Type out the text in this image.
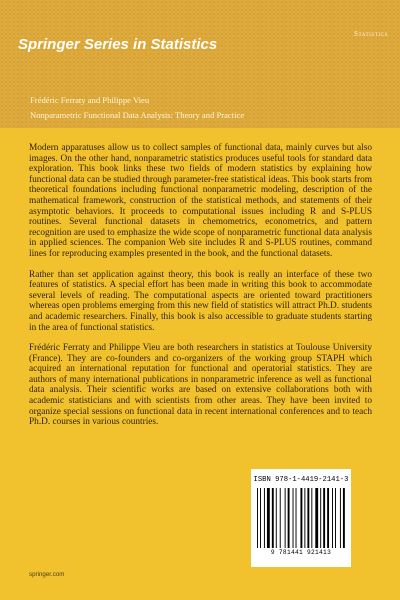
Springer Series in Statistics
Statistics
Frédéric Ferraty and Philippe Vieu
Nonparametric Functional Data Analysis: Theory and Practice

Modern apparatuses allow us to collect samples of functional data, mainly curves but also images. On the other hand, nonparametric statistics produces useful tools for standard data exploration. This book links these two fields of modern statistics by explaining how functional data can be studied through parameter-free statistical ideas. This book starts from theoretical foundations including functional nonparametric modeling, description of the mathematical framework, construction of the statistical methods, and statements of their asymptotic behaviors. It proceeds to computational issues including R and S-PLUS routines. Several functional datasets in chemometrics, econometrics, and pattern recognition are used to emphasize the wide scope of nonparametric functional data analysis in applied sciences. The companion Web site includes R and S-PLUS routines, command lines for reproducing examples presented in the book, and the functional datasets.

Rather than set application against theory, this book is really an interface of these two features of statistics. A special effort has been made in writing this book to accommodate several levels of reading. The computational aspects are oriented toward practitioners whereas open problems emerging from this new field of statistics will attract Ph.D. students and academic researchers. Finally, this book is also accessible to graduate students starting in the area of functional statistics.

Frédéric Ferraty and Philippe Vieu are both researchers in statistics at Toulouse University (France). They are co-founders and co-organizers of the working group STAPH which acquired an international reputation for functional and operatorial statistics. They are authors of many international publications in nonparametric inference as well as functional data analysis. Their scientific works are based on extensive collaborations both with academic statisticians and with scientists from other areas. They have been invited to organize special sessions on functional data in recent international conferences and to teach Ph.D. courses in various countries.

ISBN 978-1-4419-2141-3
9 781441 921413
springer.com
